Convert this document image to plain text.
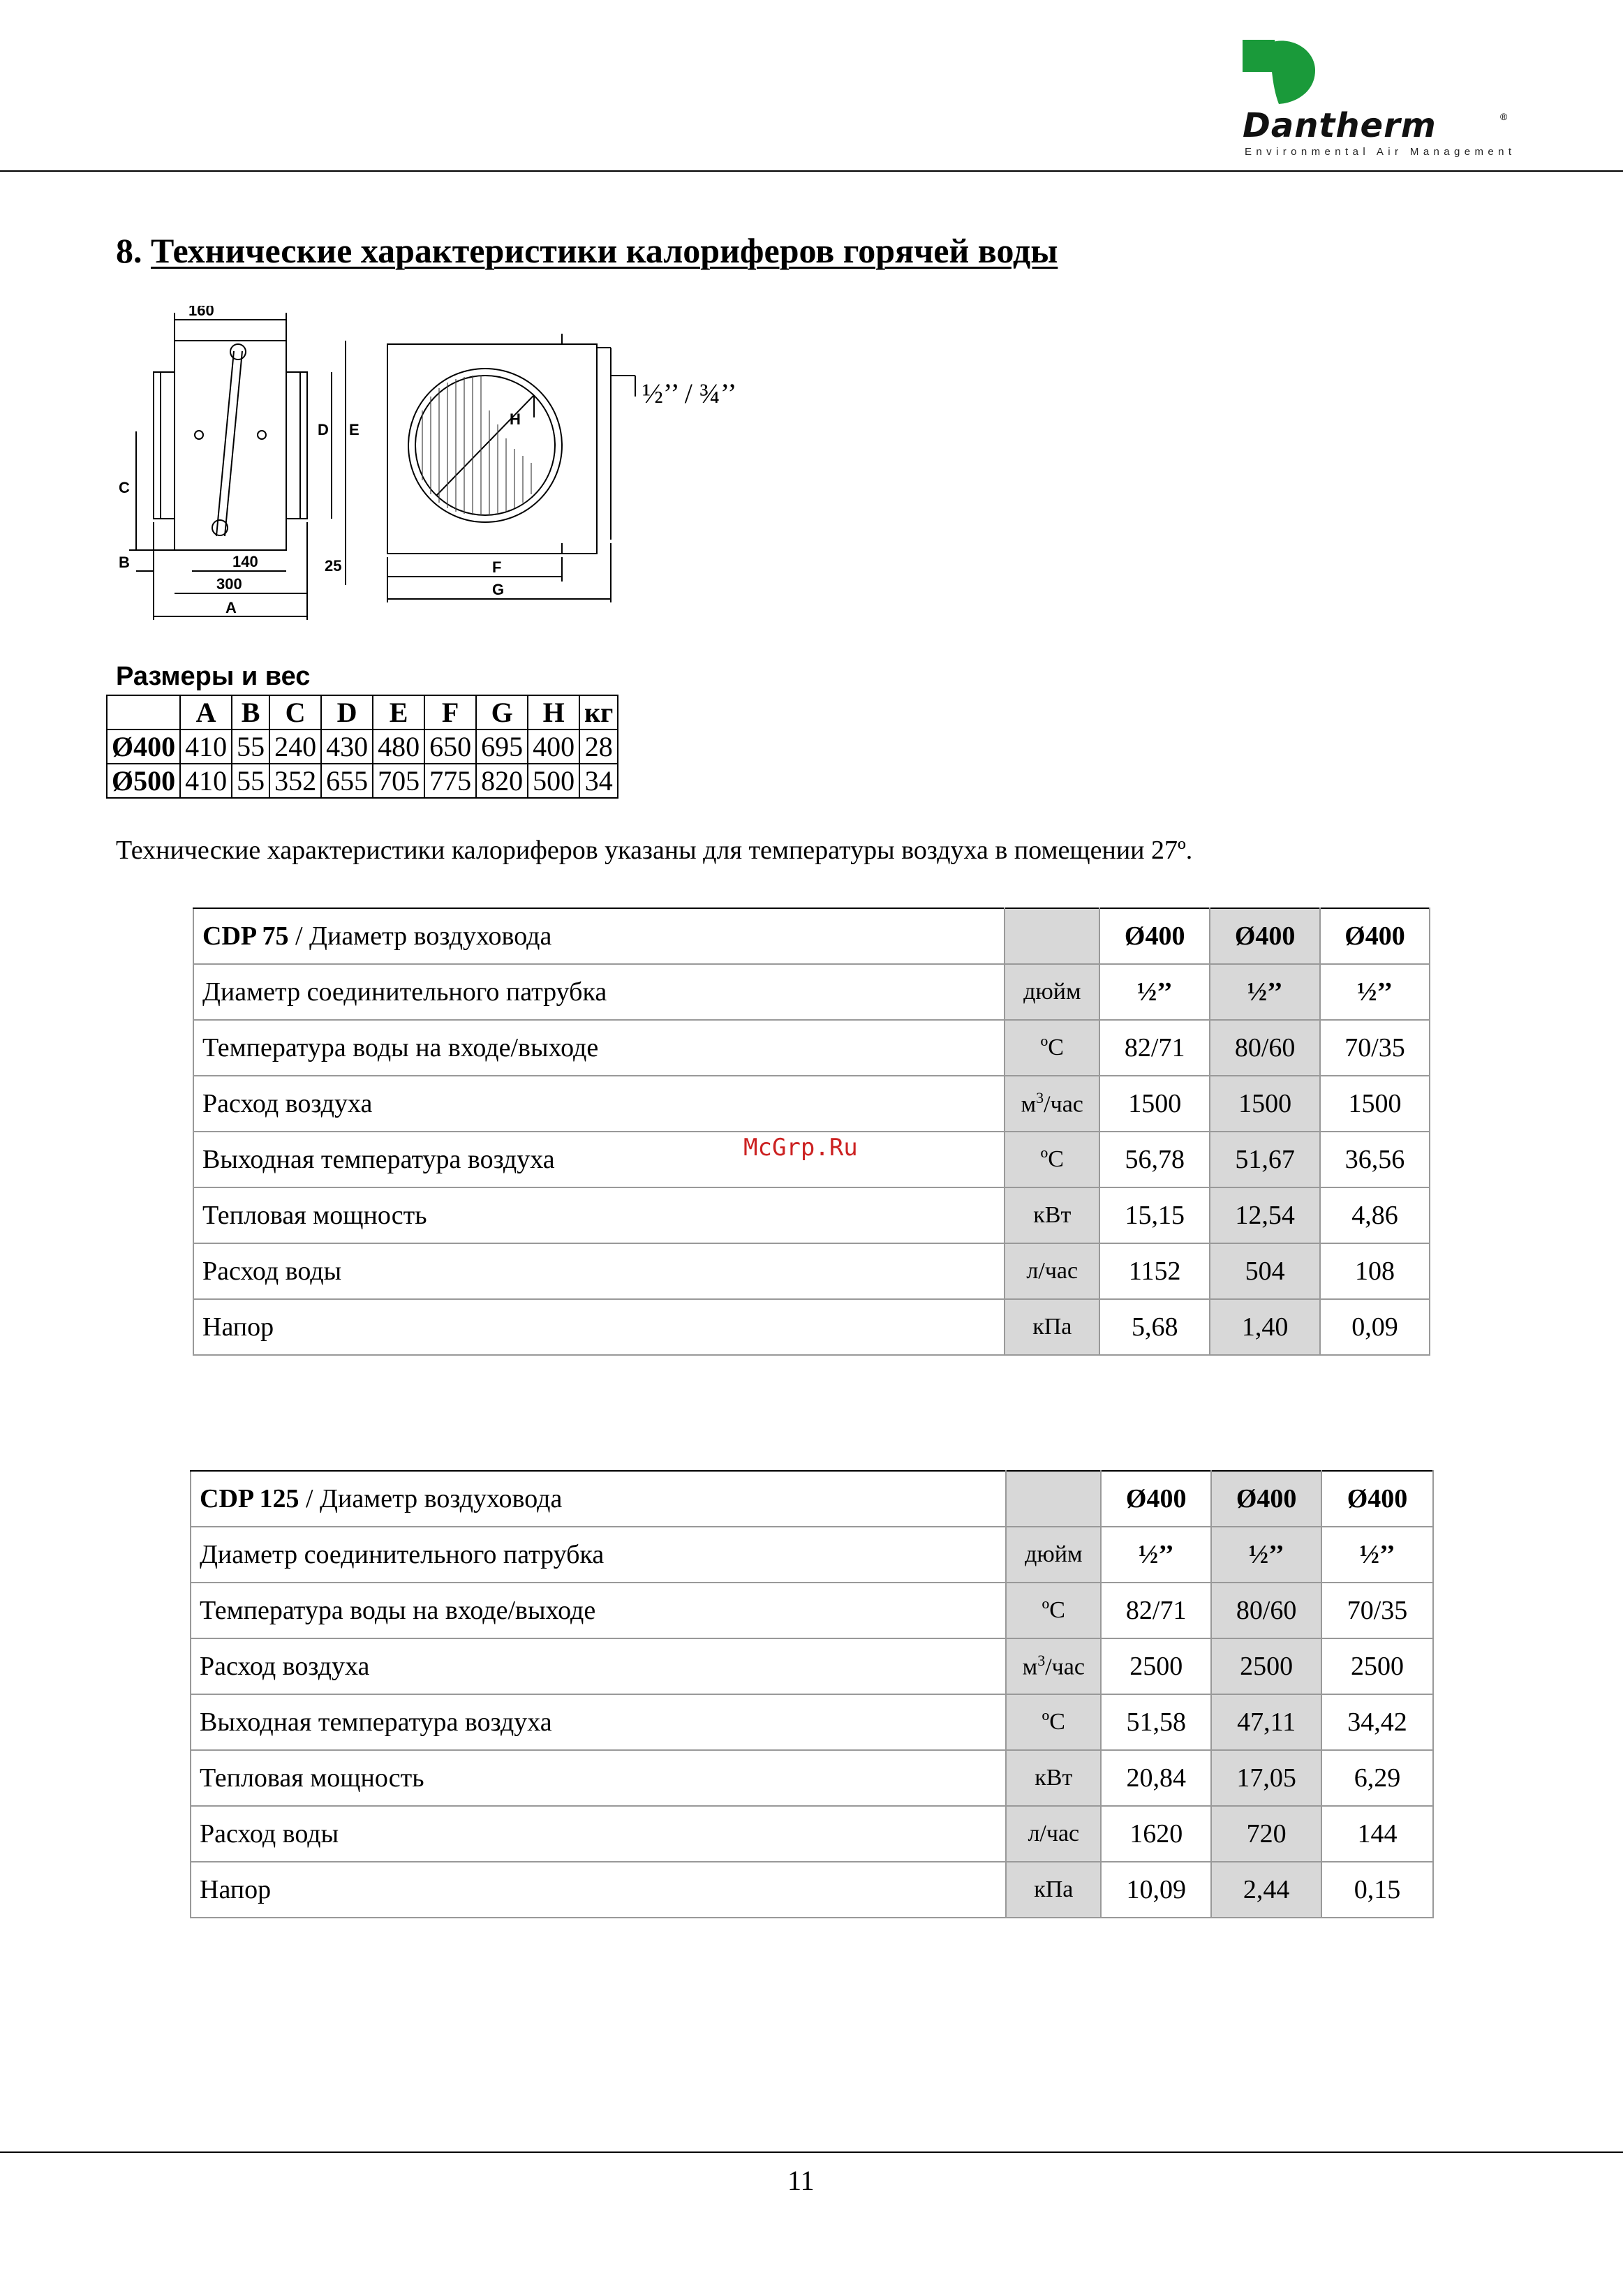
Dantherm	®
Environmental Air Management
8. Технические характеристики калориферов горячей воды
160
140
300
25
A
B
C
D E
F
G
H
½’’ / ¾’’
Размеры и вес
	A	B	C	D	E	F	G	H	кг
Ø400	410	55	240	430	480	650	695	400	28
Ø500	410	55	352	655	705	775	820	500	34
Технические характеристики калориферов указаны для температуры воздуха в помещении 27º.
CDP 75 / Диаметр воздуховода		Ø400	Ø400	Ø400
Диаметр соединительного патрубка	дюйм	½’’	½’’	½’’
Температура воды на входе/выходе	ºC	82/71	80/60	70/35
Расход воздуха	$м^3$/час	1500	1500	1500
Выходная температура воздуха	ºC	56,78	51,67	36,56
Тепловая мощность	кВт	15,15	12,54	4,86
Расход воды	л/час	1152	504	108
Напор	кПа	5,68	1,40	0,09
McGrp.Ru
CDP 125 / Диаметр воздуховода		Ø400	Ø400	Ø400
Диаметр соединительного патрубка	дюйм	½’’	½’’	½’’
Температура воды на входе/выходе	ºC	82/71	80/60	70/35
Расход воздуха	$м^3$/час	2500	2500	2500
Выходная температура воздуха	ºC	51,58	47,11	34,42
Тепловая мощность	кВт	20,84	17,05	6,29
Расход воды	л/час	1620	720	144
Напор	кПа	10,09	2,44	0,15
11
